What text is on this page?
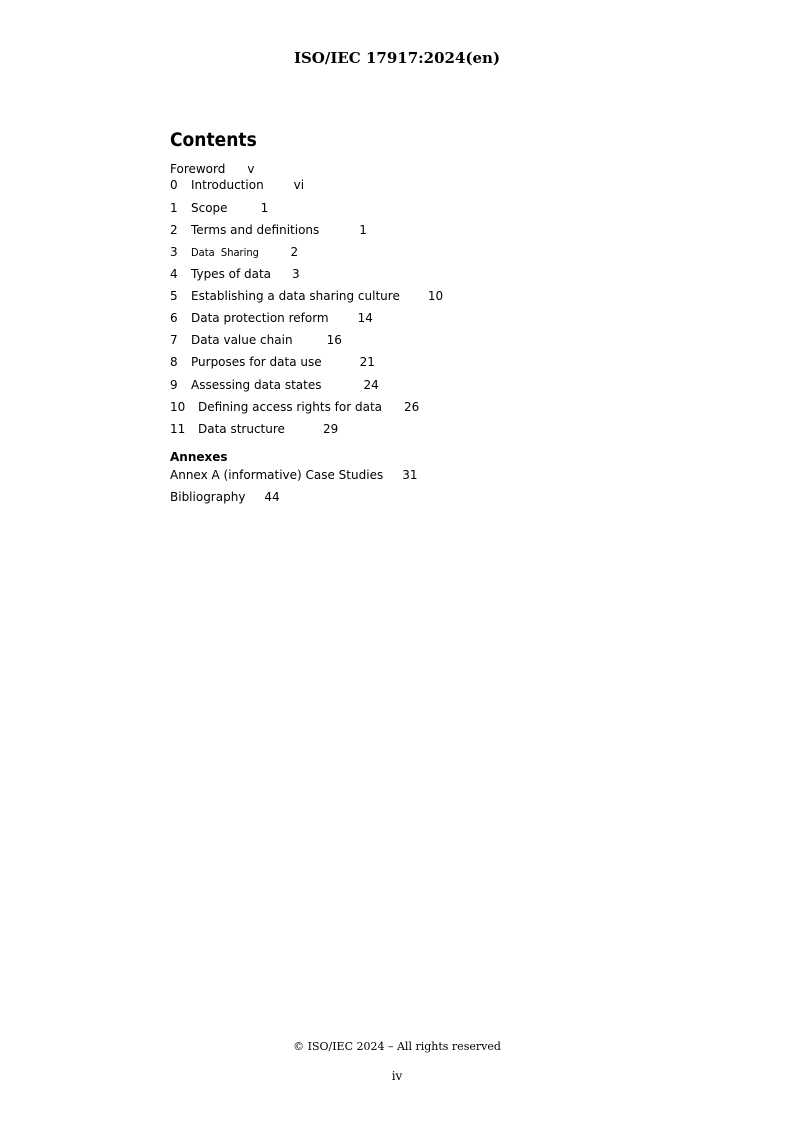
ISO/IEC 17917:2024(en)
Contents
Foreword v
0 Introduction	vi
1 Scope	1
2 Terms and definitions	1
3 Data  Sharing	2
4 Types of data 3
5 Establishing a data sharing culture 10
6 Data protection reform 14
7 Data value chain	16
8 Purposes for data use	21
9 Assessing data states	24
10 Defining access rights for data 26
11 Data structure	29
Annexes
Annex A (informative) Case Studies 31
Bibliography 44
© ISO/IEC 2024 – All rights reserved
iv
